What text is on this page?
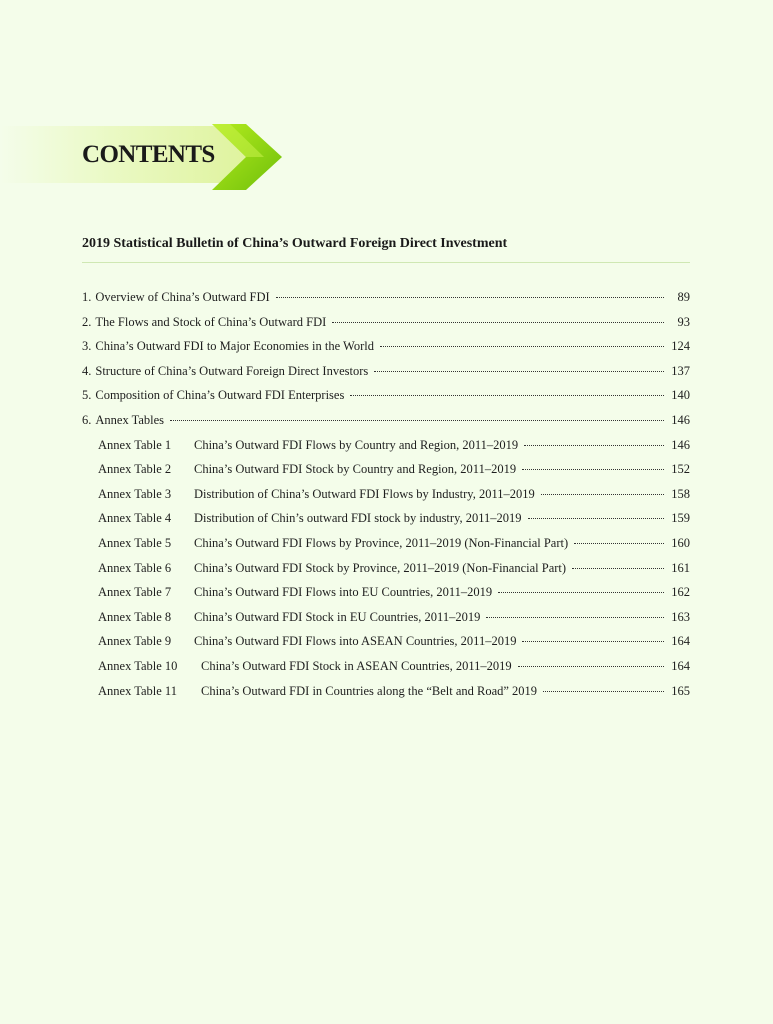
CONTENTS
2019 Statistical Bulletin of China’s Outward Foreign Direct Investment
1. Overview of China’s Outward FDI	89
2. The Flows and Stock of China’s Outward FDI	93
3. China’s Outward FDI to Major Economies in the World	124
4. Structure of China’s Outward Foreign Direct Investors	137
5. Composition of China’s Outward FDI Enterprises	140
6. Annex Tables	146
Annex Table 1	China’s Outward FDI Flows by Country and Region, 2011–2019	146
Annex Table 2	China’s Outward FDI Stock by Country and Region, 2011–2019	152
Annex Table 3	Distribution of China’s Outward FDI Flows by Industry, 2011–2019	158
Annex Table 4	Distribution of Chin’s outward FDI stock by industry, 2011–2019	159
Annex Table 5	China’s Outward FDI Flows by Province, 2011–2019 (Non-Financial Part)	160
Annex Table 6	China’s Outward FDI Stock by Province, 2011–2019 (Non-Financial Part)	161
Annex Table 7	China’s Outward FDI Flows into EU Countries, 2011–2019	162
Annex Table 8	China’s Outward FDI Stock in EU Countries, 2011–2019	163
Annex Table 9	China’s Outward FDI Flows into ASEAN Countries, 2011–2019	164
Annex Table 10	China’s Outward FDI Stock in ASEAN Countries, 2011–2019	164
Annex Table 11	China’s Outward FDI in Countries along the “Belt and Road” 2019	165
